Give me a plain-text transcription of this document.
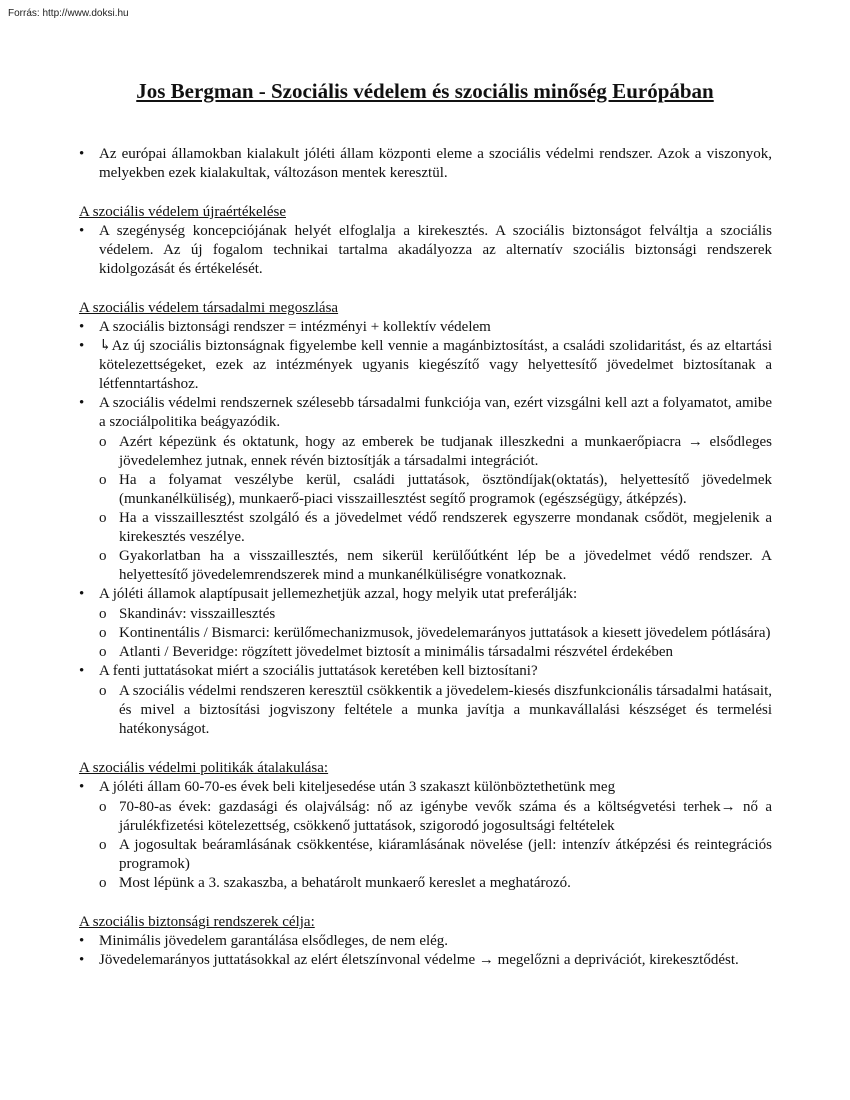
Forrás: http://www.doksi.hu
Jos Bergman - Szociális védelem és szociális minőség Európában
• Az európai államokban kialakult jóléti állam központi eleme a szociális védelmi rendszer. Azok a viszonyok, melyekben ezek kialakultak, változáson mentek keresztül.

A szociális védelem újraértékelése

• A szegénység koncepciójának helyét elfoglalja a kirekesztés. A szociális biztonságot felváltja a szociális védelem. Az új fogalom technikai tartalma akadályozza az alternatív szociális biztonsági rendszerek kidolgozását és értékelését.

A szociális védelem társadalmi megoszlása

• A szociális biztonsági rendszer = intézményi + kollektív védelem
• ↳Az új szociális biztonságnak figyelembe kell vennie a magánbiztosítást, a családi szolidaritást, és az eltartási kötelezettségeket, ezek az intézmények ugyanis kiegészítő vagy helyettesítő jövedelmet biztosítanak a létfenntartáshoz.
• A szociális védelmi rendszernek szélesebb társadalmi funkciója van, ezért vizsgálni kell azt a folyamatot, amibe a szociálpolitika beágyazódik.
o Azért képezünk és oktatunk, hogy az emberek be tudjanak illeszkedni a munkaerőpiacra → elsődleges jövedelemhez jutnak, ennek révén biztosítják a társadalmi integrációt.
o Ha a folyamat veszélybe kerül, családi juttatások, ösztöndíjak(oktatás), helyettesítő jövedelmek (munkanélküliség), munkaerő-piaci visszaillesztést segítő programok (egészségügy, átképzés).
o Ha a visszaillesztést szolgáló és a jövedelmet védő rendszerek egyszerre mondanak csődöt, megjelenik a kirekesztés veszélye.
o Gyakorlatban ha a visszaillesztés, nem sikerül kerülőútként lép be a jövedelmet védő rendszer. A helyettesítő jövedelemrendszerek mind a munkanélküliségre vonatkoznak.
• A jóléti államok alaptípusait jellemezhetjük azzal, hogy melyik utat preferálják:
o Skandináv: visszaillesztés
o Kontinentális / Bismarci: kerülőmechanizmusok, jövedelemarányos juttatások a kiesett jövedelem pótlására)
o Atlanti / Beveridge: rögzített jövedelmet biztosít a minimális társadalmi részvétel érdekében
• A fenti juttatásokat miért a szociális juttatások keretében kell biztosítani?
o A szociális védelmi rendszeren keresztül csökkentik a jövedelem-kiesés diszfunkcionális társadalmi hatásait, és mivel a biztosítási jogviszony feltétele a munka javítja a munkavállalási készséget és termelési hatékonyságot.

A szociális védelmi politikák átalakulása:

• A jóléti állam 60-70-es évek beli kiteljesedése után 3 szakaszt különböztethetünk meg
o 70-80-as évek: gazdasági és olajválság: nő az igénybe vevők száma és a költségvetési terhek→ nő a járulékfizetési kötelezettség, csökkenő juttatások, szigorodó jogosultsági feltételek
o A jogosultak beáramlásának csökkentése, kiáramlásának növelése (jell: intenzív átképzési és reintegrációs programok)
o Most lépünk a 3. szakaszba, a behatárolt munkaerő kereslet a meghatározó.

A szociális biztonsági rendszerek célja:

• Minimális jövedelem garantálása elsődleges, de nem elég.
• Jövedelemarányos juttatásokkal az elért életszínvonal védelme → megelőzni a deprivációt, kirekesztődést.
